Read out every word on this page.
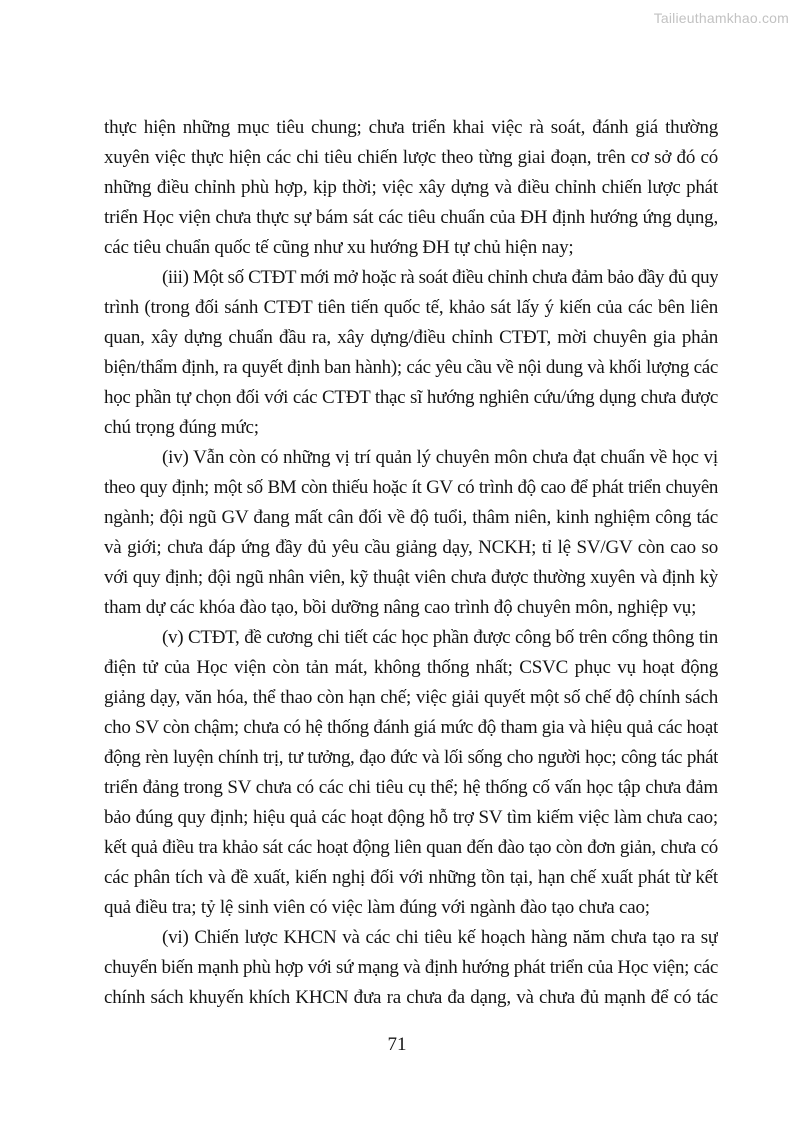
Tailieuthamkhao.com
thực hiện những mục tiêu chung; chưa triển khai việc rà soát, đánh giá thường
xuyên việc thực hiện các chi tiêu chiến lược theo từng giai đoạn, trên cơ sở đó có
những điều chỉnh phù hợp, kịp thời; việc xây dựng và điều chỉnh chiến lược phát
triển Học viện chưa thực sự bám sát các tiêu chuẩn của ĐH định hướng ứng dụng,
các tiêu chuẩn quốc tế cũng như xu hướng ĐH tự chủ hiện nay;
(iii) Một số CTĐT mới mở hoặc rà soát điều chỉnh chưa đảm bảo đầy đủ quy
trình (trong đối sánh CTĐT tiên tiến quốc tế, khảo sát lấy ý kiến của các bên liên
quan, xây dựng chuẩn đầu ra, xây dựng/điều chỉnh CTĐT, mời chuyên gia phản
biện/thẩm định, ra quyết định ban hành); các yêu cầu về nội dung và khối lượng các
học phần tự chọn đối với các CTĐT thạc sĩ hướng nghiên cứu/ứng dụng chưa được
chú trọng đúng mức;
(iv) Vẫn còn có những vị trí quản lý chuyên môn chưa đạt chuẩn về học vị
theo quy định; một số BM còn thiếu hoặc ít GV có trình độ cao để phát triển chuyên
ngành; đội ngũ GV đang mất cân đối về độ tuổi, thâm niên, kinh nghiệm công tác
và giới; chưa đáp ứng đầy đủ yêu cầu giảng dạy, NCKH; tỉ lệ SV/GV còn cao so
với quy định; đội ngũ nhân viên, kỹ thuật viên chưa được thường xuyên và định kỳ
tham dự các khóa đào tạo, bồi dưỡng nâng cao trình độ chuyên môn, nghiệp vụ;
(v) CTĐT, đề cương chi tiết các học phần được công bố trên cổng thông tin
điện tử của Học viện còn tản mát, không thống nhất; CSVC phục vụ hoạt động
giảng dạy, văn hóa, thể thao còn hạn chế; việc giải quyết một số chế độ chính sách
cho SV còn chậm; chưa có hệ thống đánh giá mức độ tham gia và hiệu quả các hoạt
động rèn luyện chính trị, tư tưởng, đạo đức và lối sống cho người học; công tác phát
triển đảng trong SV chưa có các chi tiêu cụ thể; hệ thống cố vấn học tập chưa đảm
bảo đúng quy định; hiệu quả các hoạt động hỗ trợ SV tìm kiếm việc làm chưa cao;
kết quả điều tra khảo sát các hoạt động liên quan đến đào tạo còn đơn giản, chưa có
các phân tích và đề xuất, kiến nghị đối với những tồn tại, hạn chế xuất phát từ kết
quả điều tra; tỷ lệ sinh viên có việc làm đúng với ngành đào tạo chưa cao;
(vi) Chiến lược KHCN và các chi tiêu kế hoạch hàng năm chưa tạo ra sự
chuyển biến mạnh phù hợp với sứ mạng và định hướng phát triển của Học viện; các
chính sách khuyến khích KHCN đưa ra chưa đa dạng, và chưa đủ mạnh để có tác
71
